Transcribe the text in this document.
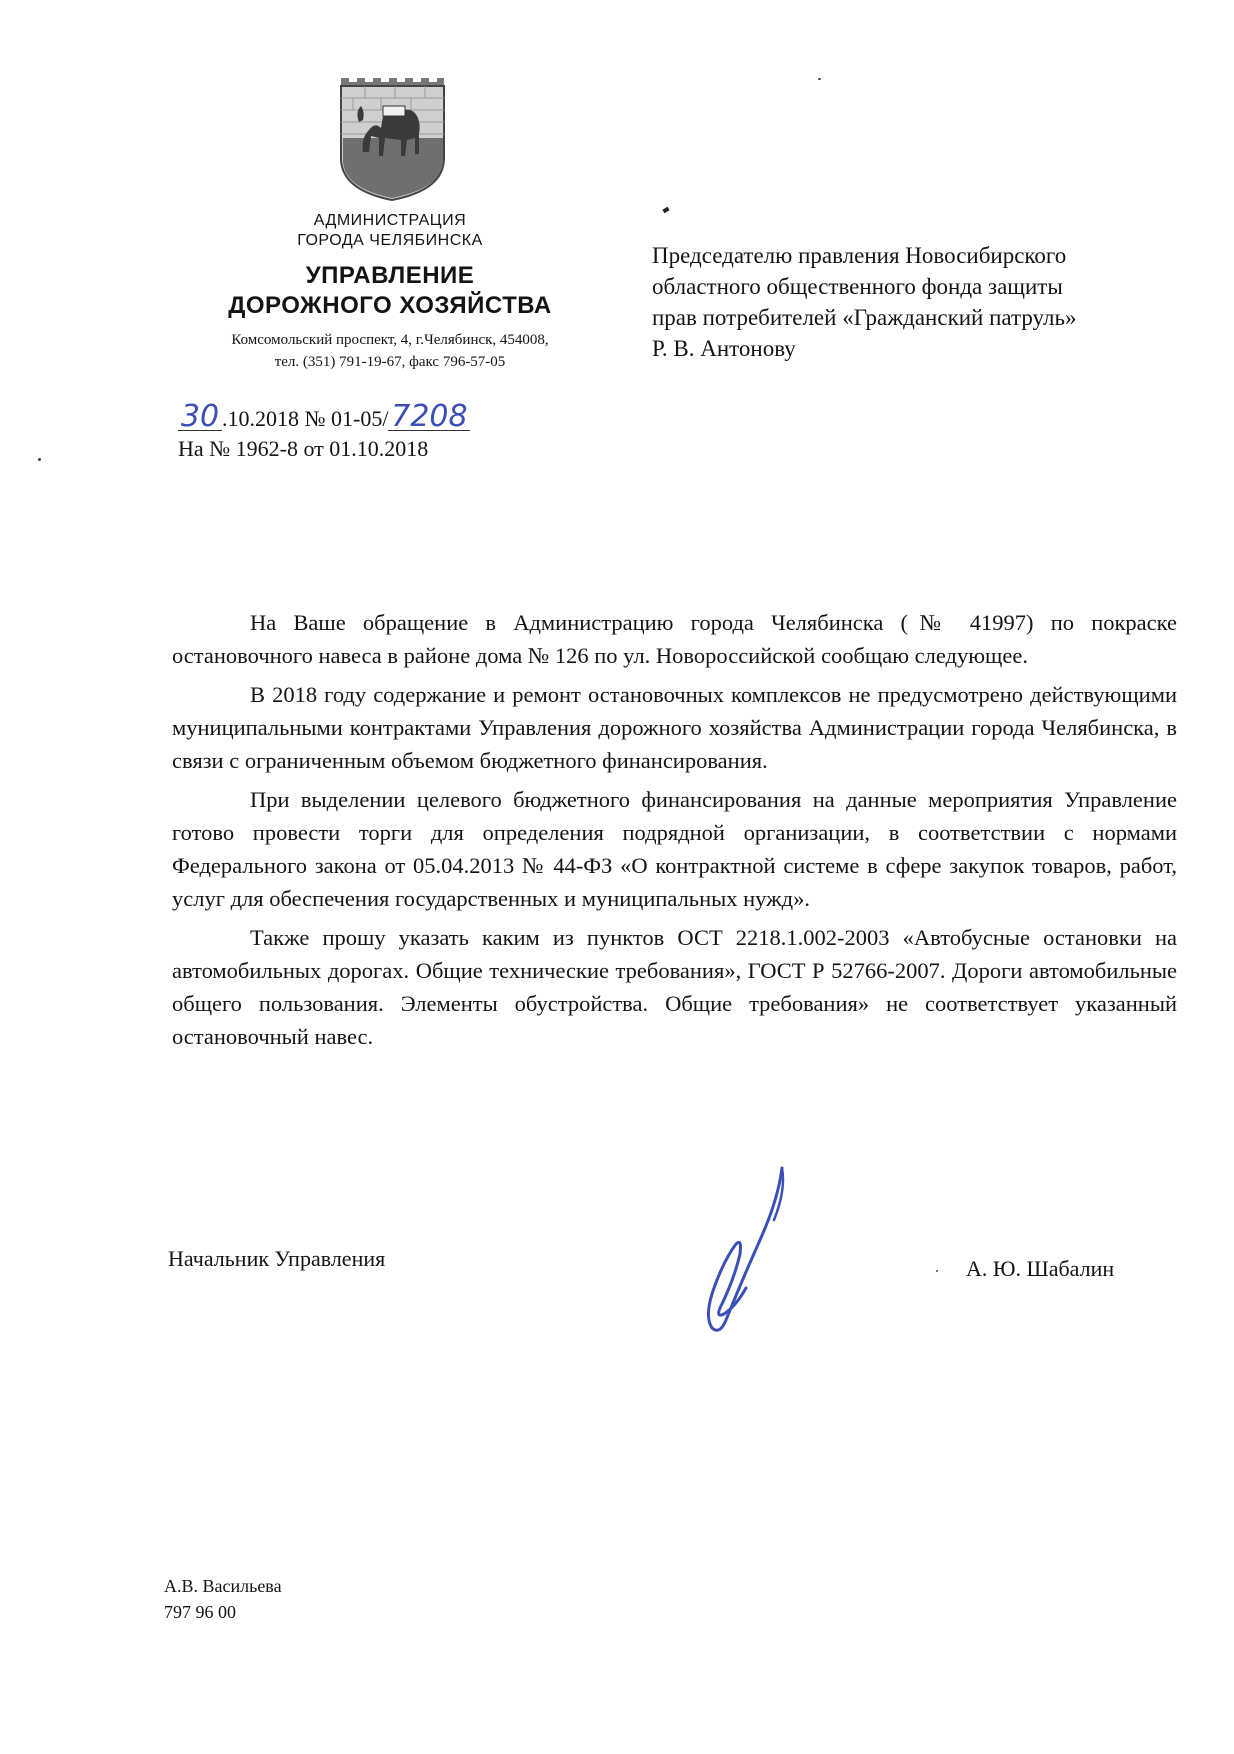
АДМИНИСТРАЦИЯ
ГОРОДА ЧЕЛЯБИНСКА
УПРАВЛЕНИЕ
ДОРОЖНОГО ХОЗЯЙСТВА
Комсомольский проспект, 4, г.Челябинск, 454008,
тел. (351) 791-19-67, факс 796-57-05
30 .10.2018 № 01-05/7208
На № 1962-8 от 01.10.2018
Председателю правления Новосибирского
областного общественного фонда защиты
прав потребителей «Гражданский патруль»
Р. В. Антонову

На Ваше обращение в Администрацию города Челябинска (№ 41997) по покраске остановочного навеса в районе дома № 126 по ул. Новороссийской сообщаю следующее.

В 2018 году содержание и ремонт остановочных комплексов не предусмотрено действующими муниципальными контрактами Управления дорожного хозяйства Администрации города Челябинска, в связи с ограниченным объемом бюджетного финансирования.

При выделении целевого бюджетного финансирования на данные мероприятия Управление готово провести торги для определения подрядной организации, в соответствии с нормами Федерального закона от 05.04.2013 № 44-ФЗ «О контрактной системе в сфере закупок товаров, работ, услуг для обеспечения государственных и муниципальных нужд».

Также прошу указать каким из пунктов ОСТ 2218.1.002-2003 «Автобусные остановки на автомобильных дорогах. Общие технические требования», ГОСТ Р 52766-2007. Дороги автомобильные общего пользования. Элементы обустройства. Общие требования» не соответствует указанный остановочный навес.

Начальник Управления	А. Ю. Шабалин
А.В. Васильева
797 96 00
